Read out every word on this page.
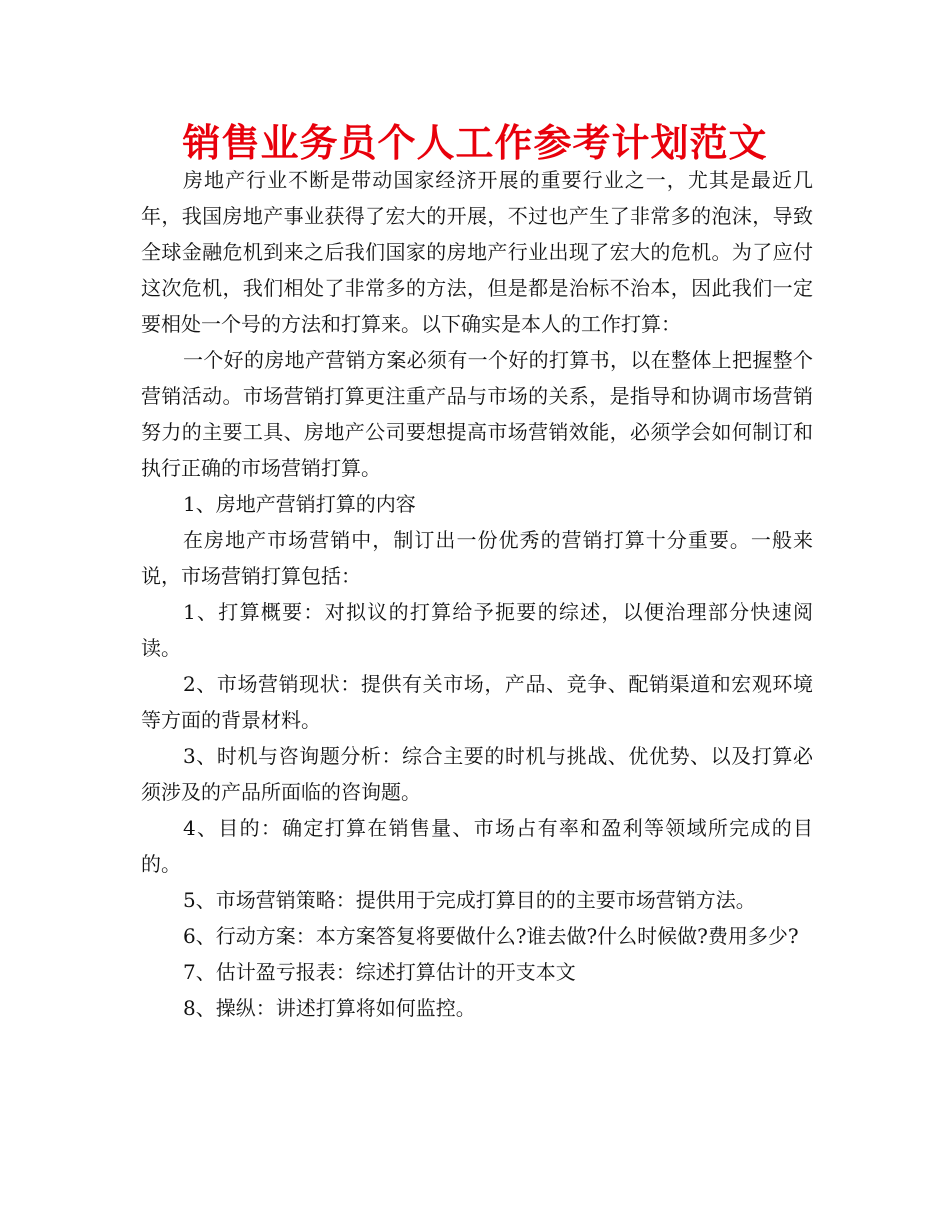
销售业务员个人工作参考计划范文

房地产行业不断是带动国家经济开展的重要行业之一，尤其是最近几年，我国房地产事业获得了宏大的开展，不过也产生了非常多的泡沫，导致全球金融危机到来之后我们国家的房地产行业出现了宏大的危机。为了应付这次危机，我们相处了非常多的方法，但是都是治标不治本，因此我们一定要相处一个号的方法和打算来。以下确实是本人的工作打算：

一个好的房地产营销方案必须有一个好的打算书，以在整体上把握整个营销活动。市场营销打算更注重产品与市场的关系，是指导和协调市场营销努力的主要工具、房地产公司要想提高市场营销效能，必须学会如何制订和执行正确的市场营销打算。

1、房地产营销打算的内容

在房地产市场营销中，制订出一份优秀的营销打算十分重要。一般来说，市场营销打算包括：

1、打算概要：对拟议的打算给予扼要的综述，以便治理部分快速阅读。

2、市场营销现状：提供有关市场，产品、竞争、配销渠道和宏观环境等方面的背景材料。

3、时机与咨询题分析：综合主要的时机与挑战、优优势、以及打算必须涉及的产品所面临的咨询题。

4、目的：确定打算在销售量、市场占有率和盈利等领域所完成的目的。

5、市场营销策略：提供用于完成打算目的的主要市场营销方法。

6、行动方案：本方案答复将要做什么?谁去做?什么时候做?费用多少?

7、估计盈亏报表：综述打算估计的开支本文

8、操纵：讲述打算将如何监控。
